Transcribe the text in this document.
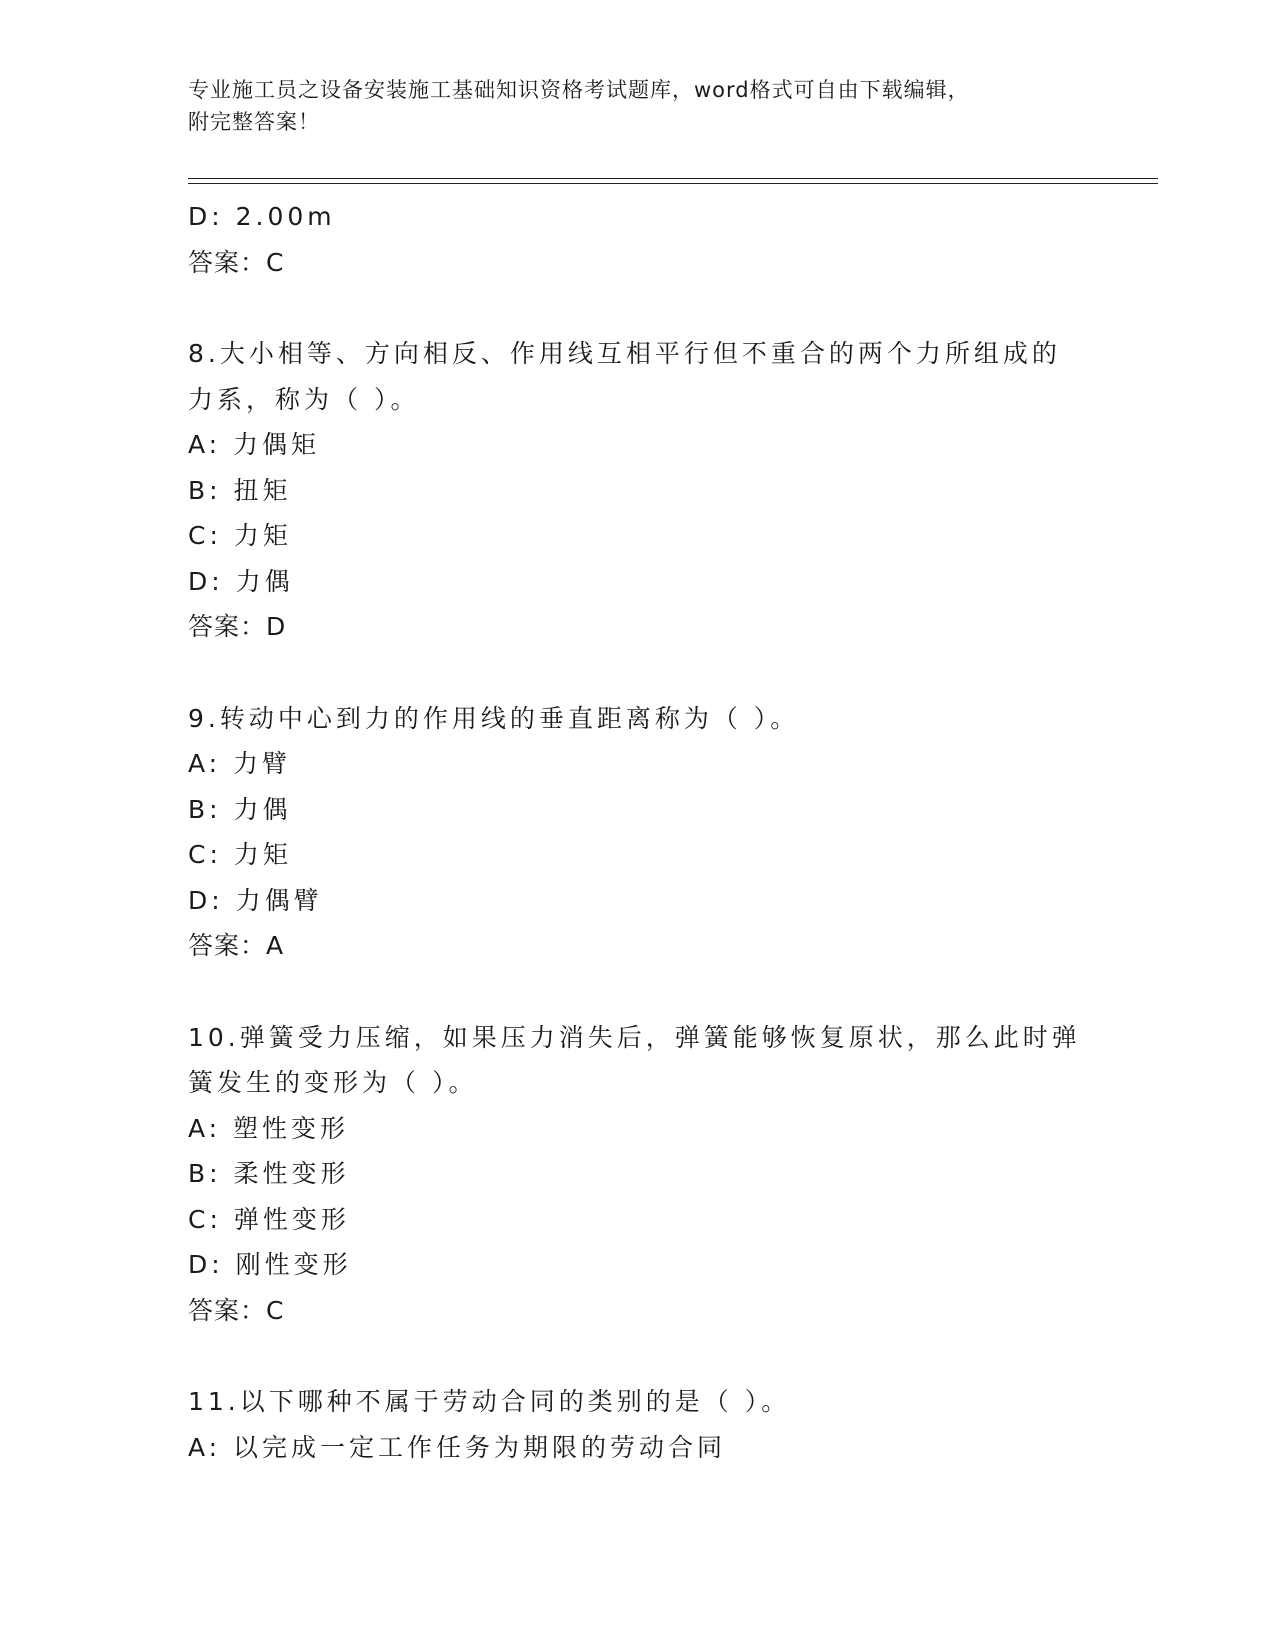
专业施工员之设备安装施工基础知识资格考试题库，word格式可自由下载编辑，
附完整答案！
D: 2.00m
答案：C
8.大小相等、方向相反、作用线互相平行但不重合的两个力所组成的
力系，称为（ ）。
A: 力偶矩
B: 扭矩
C: 力矩
D: 力偶
答案：D
9.转动中心到力的作用线的垂直距离称为（ ）。
A: 力臂
B: 力偶
C: 力矩
D: 力偶臂
答案：A
10.弹簧受力压缩，如果压力消失后，弹簧能够恢复原状，那么此时弹
簧发生的变形为（ ）。
A: 塑性变形
B: 柔性变形
C: 弹性变形
D: 刚性变形
答案：C
11.以下哪种不属于劳动合同的类别的是（ ）。
A: 以完成一定工作任务为期限的劳动合同
